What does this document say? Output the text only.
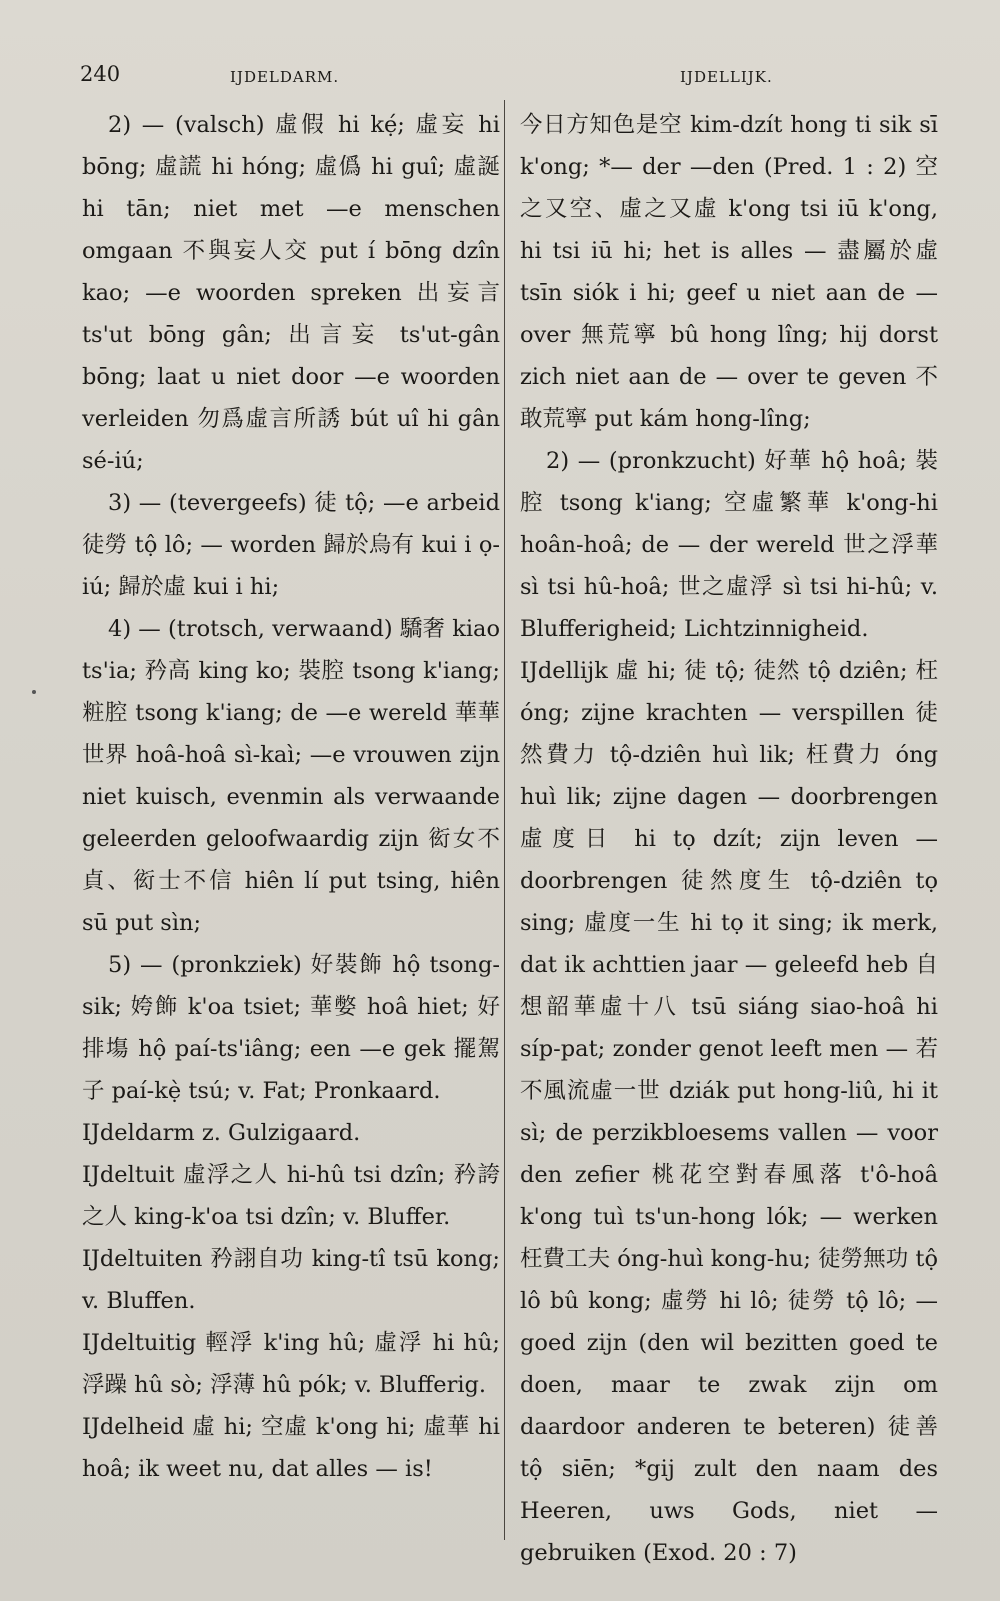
240	IJDELDARM.	IJDELLIJK.

2) — (valsch) 虛假 hi kẹ́; 虛妄 hi bōng; 虛謊 hi hóng; 虛僞 hi guî; 虛誕 hi tān; niet met —e menschen omgaan 不與妄人交 put í bōng dzîn kao; —e woorden spreken 出妄言 ts'ut bōng gân; 出言妄 ts'ut-gân bōng; laat u niet door —e woorden verleiden 勿爲虛言所誘 bút uî hi gân sé-iú;

3) — (tevergeefs) 徒 tộ; —e arbeid 徒勞 tộ lô; — worden 歸於烏有 kui i ọ-iú; 歸於虛 kui i hi;

4) — (trotsch, verwaand) 驕奢 kiao ts'ia; 矜高 king ko; 裝腔 tsong k'iang; 粧腔 tsong k'iang; de —e wereld 華華世界 hoâ-hoâ sì-kaì; —e vrouwen zijn niet kuisch, evenmin als verwaande geleerden geloofwaardig zijn 衒女不貞、衒士不信 hiên lí put tsing, hiên sū put sìn;

5) — (pronkziek) 好裝飾 hộ tsong-sik; 姱飾 k'oa tsiet; 華嫳 hoâ hiet; 好排塲 hộ paí-ts'iâng; een —e gek 擺駕子 paí-kẹ̀ tsú; v. Fat; Pronkaard.

IJdeldarm z. Gulzigaard.

IJdeltuit 虛浮之人 hi-hû tsi dzîn; 矜誇之人 king-k'oa tsi dzîn; v. Bluffer.

IJdeltuiten 矜詡自功 king-tî tsū kong; v. Bluffen.

IJdeltuitig 輕浮 k'ing hû; 虛浮 hi hû; 浮躁 hû sò; 浮薄 hû pók; v. Blufferig.

IJdelheid 虛 hi; 空虛 k'ong hi; 虛華 hi hoâ; ik weet nu, dat alles — is!

今日方知色是空 kim-dzít hong ti sik sī k'ong; *— der —den (Pred. 1 : 2) 空之又空、虛之又虛 k'ong tsi iū k'ong, hi tsi iū hi; het is alles — 盡屬於虛 tsīn siók i hi; geef u niet aan de — over 無荒寧 bû hong lîng; hij dorst zich niet aan de — over te geven 不敢荒寧 put kám hong-lîng;

2) — (pronkzucht) 好華 hộ hoâ; 裝腔 tsong k'iang; 空虛繁華 k'ong-hi hoân-hoâ; de — der wereld 世之浮華 sì tsi hû-hoâ; 世之虛浮 sì tsi hi-hû; v. Blufferigheid; Lichtzinnigheid.

IJdellijk 虛 hi; 徒 tộ; 徒然 tộ dziên; 枉 óng; zijne krachten — verspillen 徒然費力 tộ-dziên huì lik; 枉費力 óng huì lik; zijne dagen — doorbrengen 虛度日 hi tọ dzít; zijn leven — doorbrengen 徒然度生 tộ-dziên tọ sing; 虛度一生 hi tọ it sing; ik merk, dat ik achttien jaar — geleefd heb 自想韶華虛十八 tsū siáng siao-hoâ hi síp-pat; zonder genot leeft men — 若不風流虛一世 dziák put hong-liû, hi it sì; de perzikbloesems vallen — voor den zefier 桃花空對春風落 t'ô-hoâ k'ong tuì ts'un-hong lók; — werken 枉費工夫 óng-huì kong-hu; 徒勞無功 tộ lô bû kong; 虛勞 hi lô; 徒勞 tộ lô; — goed zijn (den wil bezitten goed te doen, maar te zwak zijn om daardoor anderen te beteren) 徒善 tộ siēn; *gij zult den naam des Heeren, uws Gods, niet — gebruiken (Exod. 20 : 7)
